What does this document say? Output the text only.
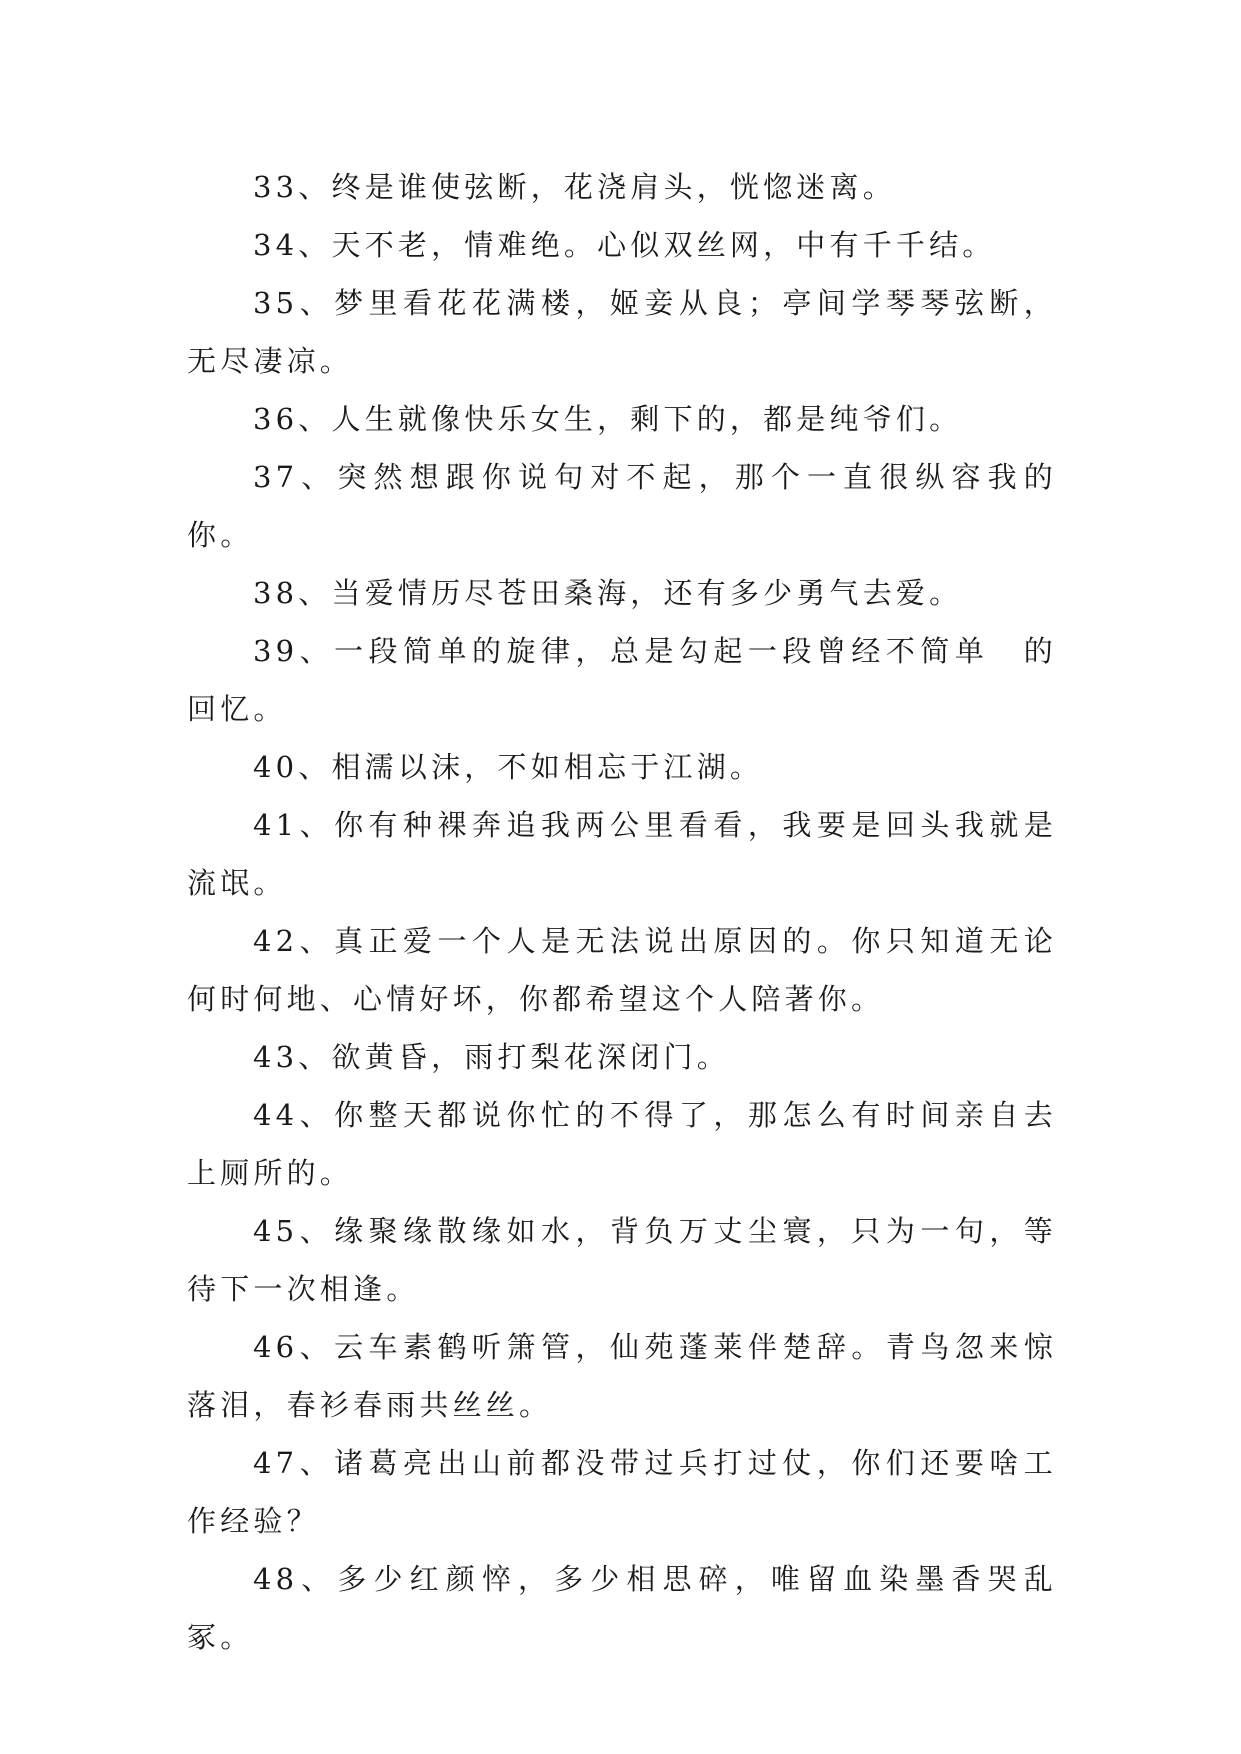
33、终是谁使弦断，花浇肩头，恍惚迷离。

34、天不老，情难绝。心似双丝网，中有千千结。

35、梦里看花花满楼，姬妾从良；亭间学琴琴弦断，无尽凄凉。

36、人生就像快乐女生，剩下的，都是纯爷们。

37、突然想跟你说句对不起，那个一直很纵容我的你。

38、当爱情历尽苍田桑海，还有多少勇气去爱。

39、一段简单的旋律，总是勾起一段曾经不简单　的回忆。

40、相濡以沫，不如相忘于江湖。

41、你有种裸奔追我两公里看看，我要是回头我就是流氓。

42、真正爱一个人是无法说出原因的。你只知道无论何时何地、心情好坏，你都希望这个人陪著你。

43、欲黄昏，雨打梨花深闭门。

44、你整天都说你忙的不得了，那怎么有时间亲自去上厕所的。

45、缘聚缘散缘如水，背负万丈尘寰，只为一句，等待下一次相逢。

46、云车素鹤听箫管，仙苑蓬莱伴楚辞。青鸟忽来惊落泪，春衫春雨共丝丝。

47、诸葛亮出山前都没带过兵打过仗，你们还要啥工作经验？

48、多少红颜悴，多少相思碎，唯留血染墨香哭乱冢。
